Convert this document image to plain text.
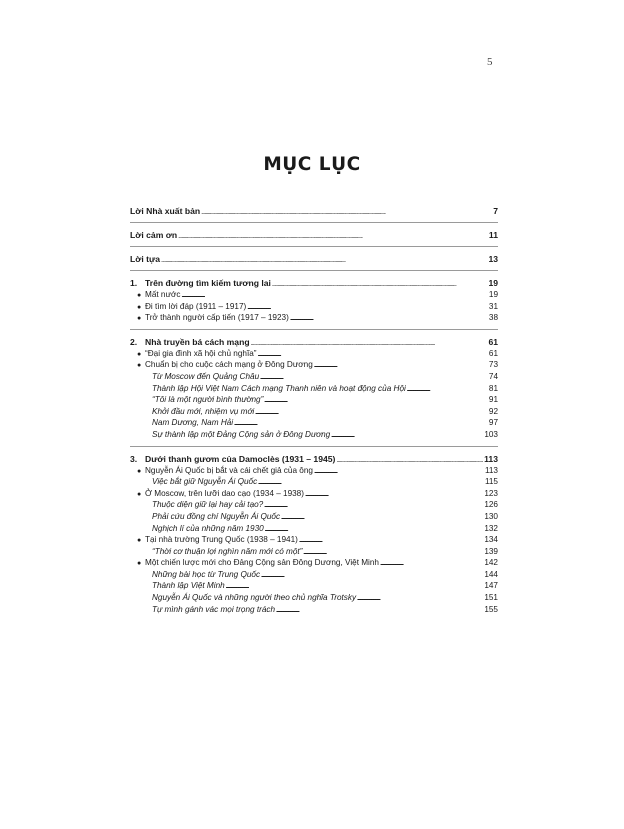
5
MỤC LỤC
Lời Nhà xuất bản . . .	7
Lời cảm ơn . . .	11
Lời tựa . . .	13
1. Trên đường tìm kiếm tương lai . . .	19
● Mất nước . . .	19
● Đi tìm lời đáp (1911 – 1917) . . .	31
● Trở thành người cấp tiến (1917 – 1923) . . .	38
2. Nhà truyền bá cách mạng . . .	61
● “Đại gia đình xã hội chủ nghĩa” . . .	61
● Chuẩn bị cho cuộc cách mạng ở Đông Dương . . .	73
Từ Moscow đến Quảng Châu . . .	74
Thành lập Hội Việt Nam Cách mạng Thanh niên và hoạt động của Hội . . .	81
“Tôi là một người bình thường” . . .	91
Khởi đầu mới, nhiệm vụ mới . . .	92
Nam Dương, Nam Hải . . .	97
Sự thành lập một Đảng Cộng sản ở Đông Dương . . .	103
3. Dưới thanh gươm của Damoclès (1931 – 1945) . . .	113
● Nguyễn Ái Quốc bị bắt và cái chết giả của ông . . .	113
Việc bắt giữ Nguyễn Ái Quốc . . .	115
● Ở Moscow, trên lưỡi dao cạo (1934 – 1938) . . .	123
Thuộc diện giữ lại hay cải tạo? . . .	126
Phải cứu đồng chí Nguyễn Ái Quốc . . .	130
Nghịch lí của những năm 1930 . . .	132
● Tại nhà trường Trung Quốc (1938 – 1941) . . .	134
“Thời cơ thuận lợi nghìn năm mới có một” . . .	139
● Một chiến lược mới cho Đảng Cộng sản Đông Dương, Việt Minh . . .	142
Những bài học từ Trung Quốc . . .	144
Thành lập Việt Minh . . .	147
Nguyễn Ái Quốc và những người theo chủ nghĩa Trotsky . . .	151
Tự mình gánh vác mọi trọng trách . . .	155
